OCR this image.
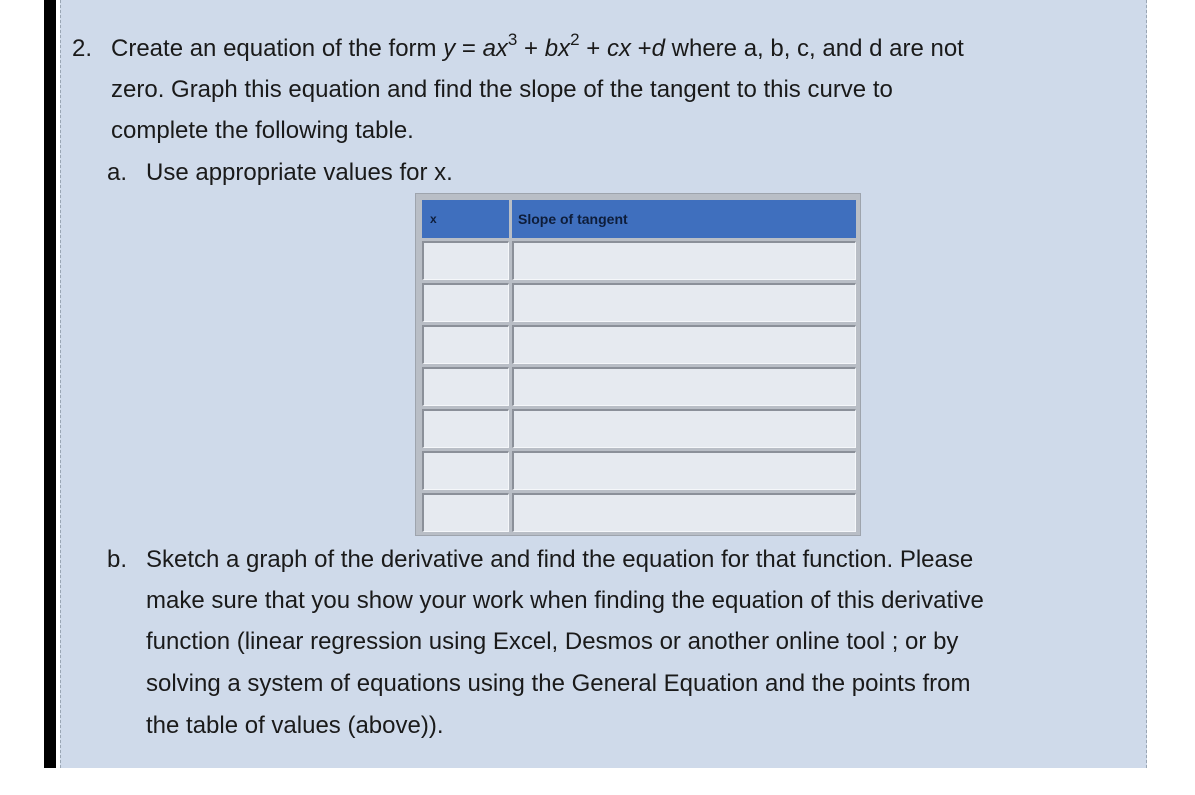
2. Create an equation of the form $y = ax^3 + bx^2$ + cx +d where a, b, c, and d are not
zero. Graph this equation and find the slope of the tangent to this curve to
complete the following table.
a. Use appropriate values for x.
x	Slope of tangent

b. Sketch a graph of the derivative and find the equation for that function. Please
make sure that you show your work when finding the equation of this derivative
function (linear regression using Excel, Desmos or another online tool ; or by
solving a system of equations using the General Equation and the points from
the table of values (above)).
